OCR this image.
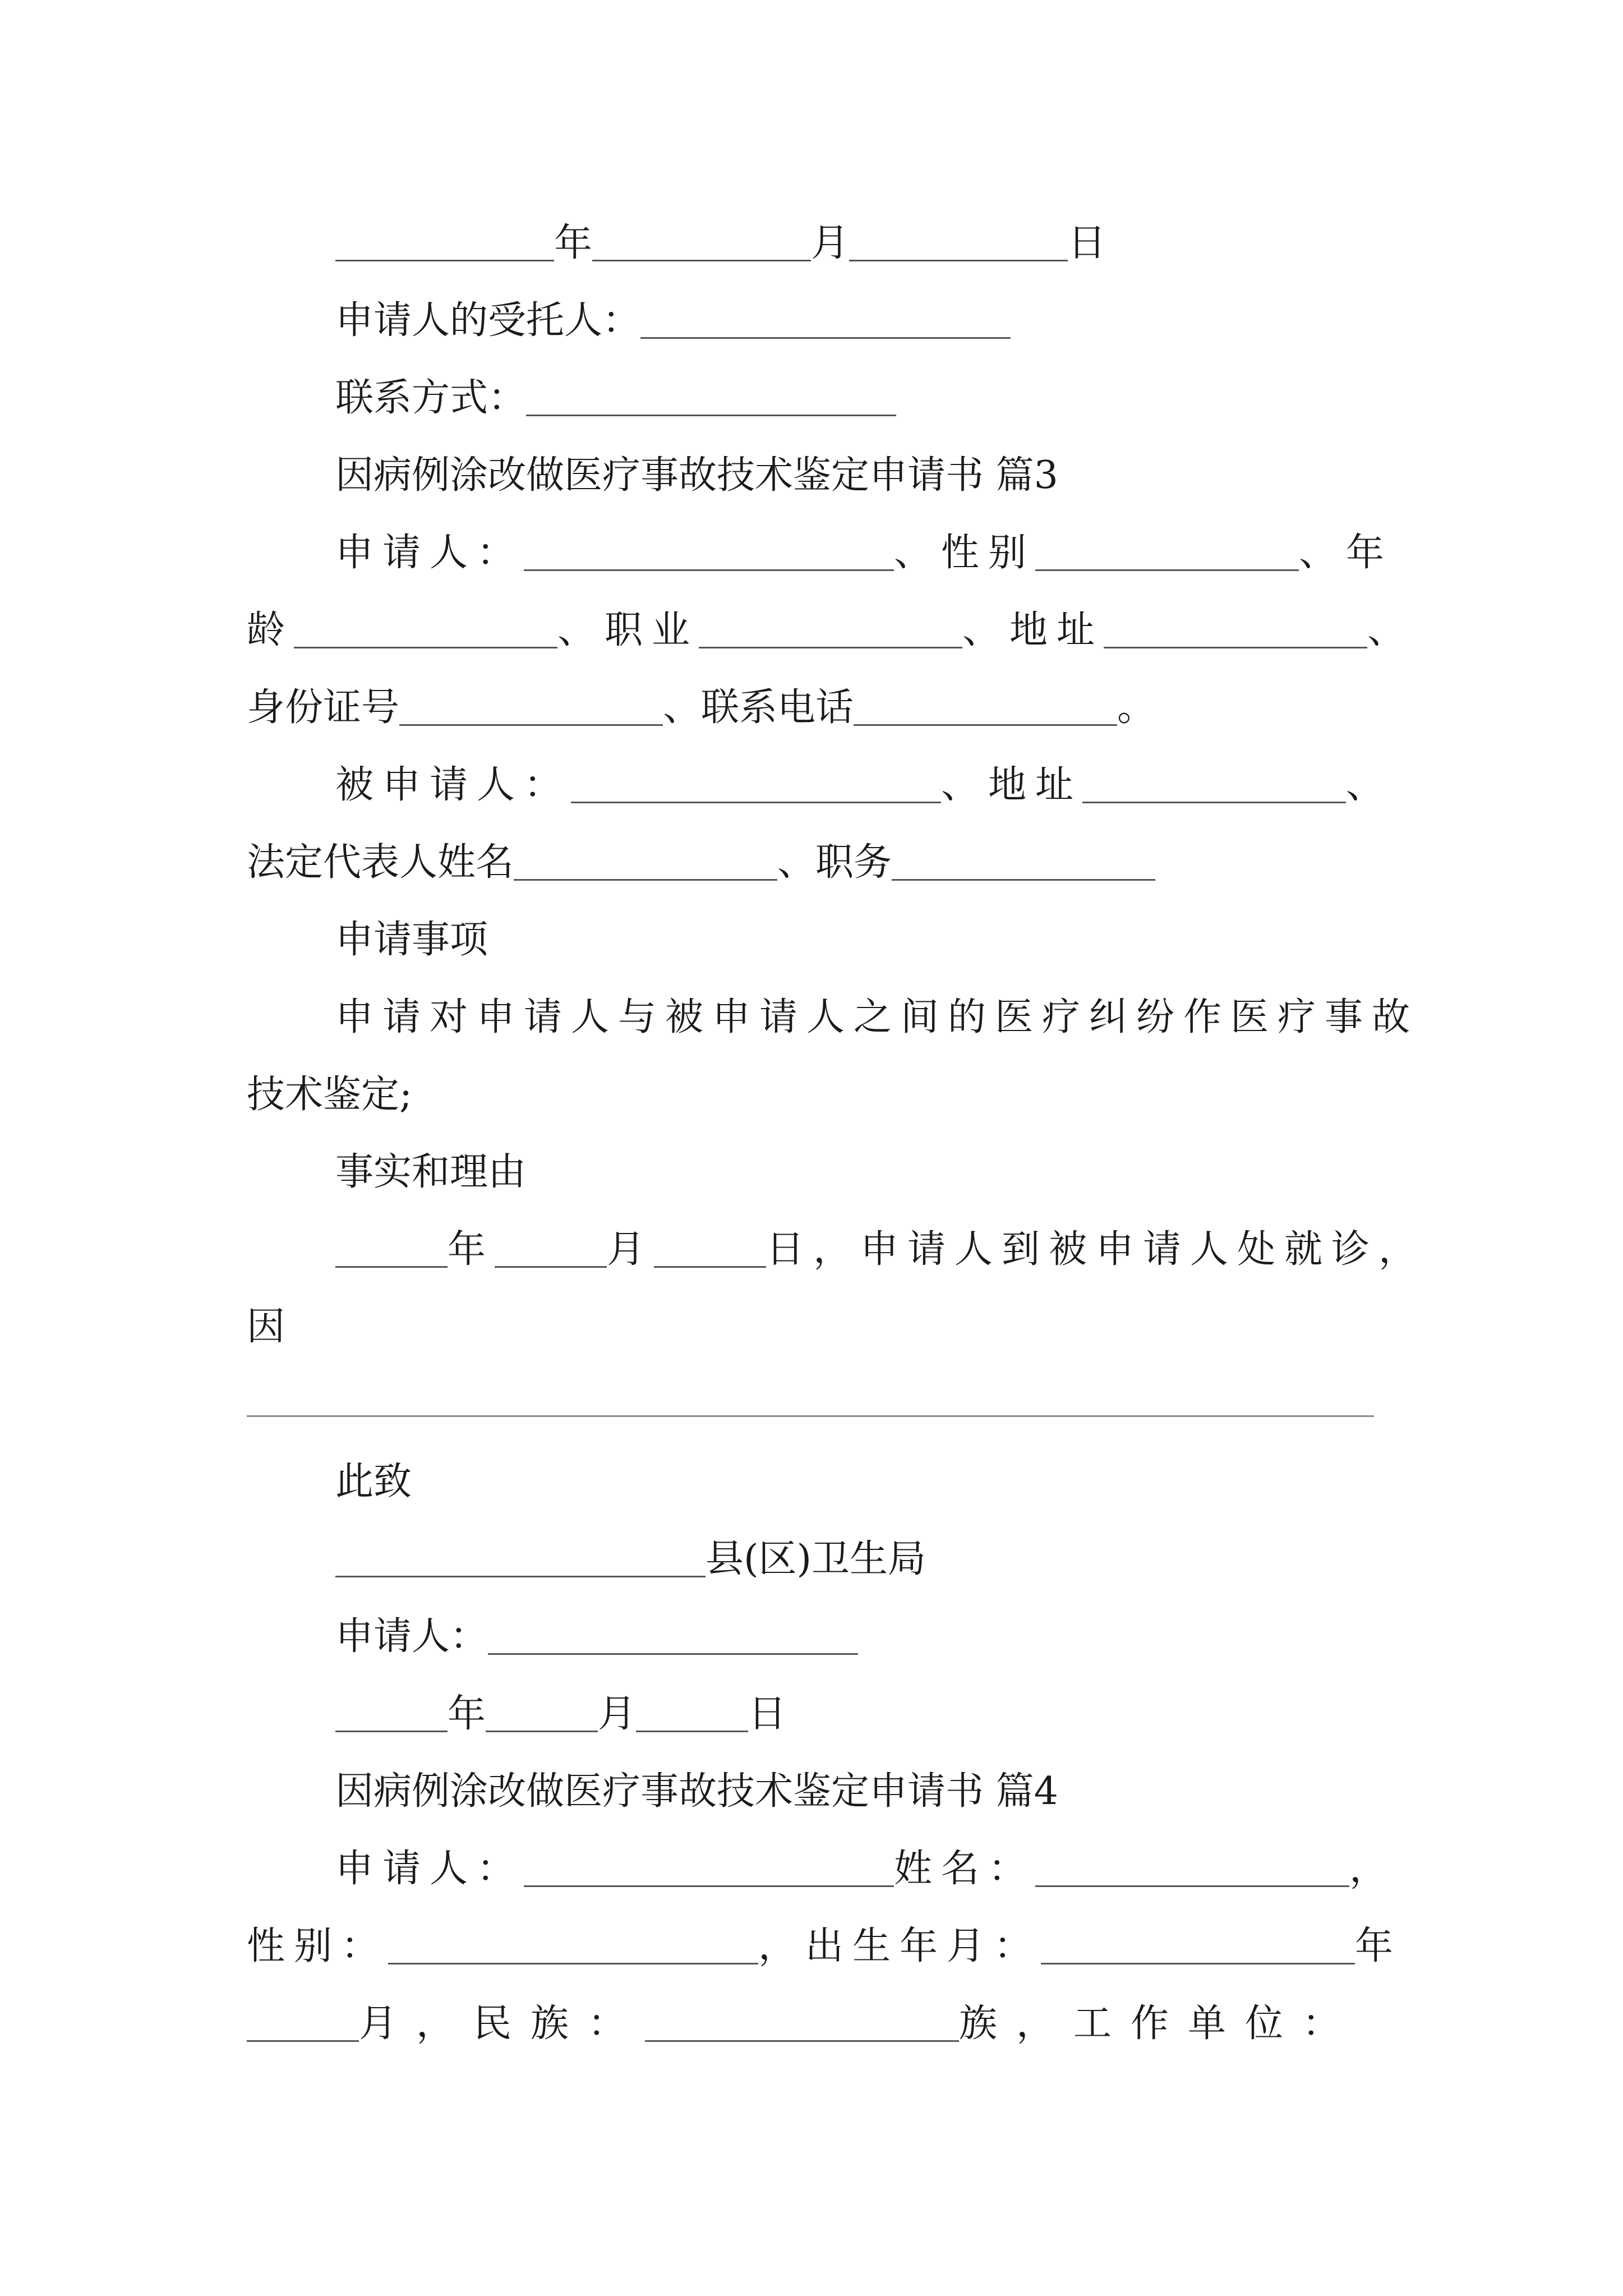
年	月	日
申请人的受托人：
联系方式：
因病例涂改做医疗事故技术鉴定申请书 篇3
申请人：	、性别	、年
龄	、职业	、地址	、
身份证号	、联系电话	。
被申请人：	、地址	、
法定代表人姓名	、职务
申请事项
申请对申请人与被申请人之间的医疗纠纷作医疗事故
技术鉴定;
事实和理由
年	月	日，申请人到被申请人处就诊，
因
此致
县(区)卫生局
申请人：
年	月	日
因病例涂改做医疗事故技术鉴定申请书 篇4
申请人：	姓名：	，
性别：	，出生年月：	年
月，民族：	族，工作单位：
